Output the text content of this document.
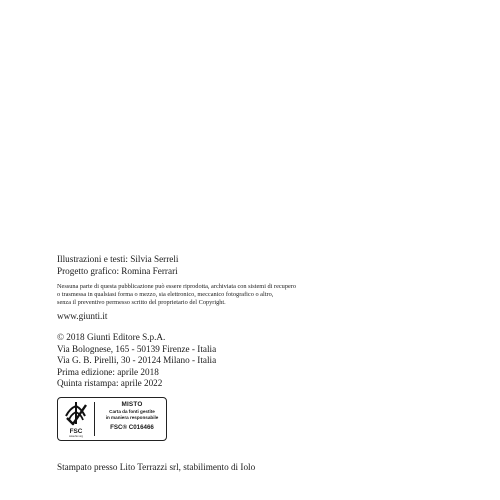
Illustrazioni e testi: Silvia Serreli
Progetto grafico: Romina Ferrari
Nessuna parte di questa pubblicazione può essere riprodotta, archiviata con sistemi di recupero
o trasmessa in qualsiasi forma o mezzo, sia elettronico, meccanico fotografico o altro,
senza il preventivo permesso scritto del proprietario del Copyright.
www.giunti.it
© 2018 Giunti Editore S.p.A.
Via Bolognese, 165 - 50139 Firenze - Italia
Via G. B. Pirelli, 30 - 20124 Milano - Italia
Prima edizione: aprile 2018
Quinta ristampa: aprile 2022
FSC
www.fsc.org
MISTO
Carta da fonti gestite
in maniera responsabile
FSC® C016466
Stampato presso Lito Terrazzi srl, stabilimento di Iolo
